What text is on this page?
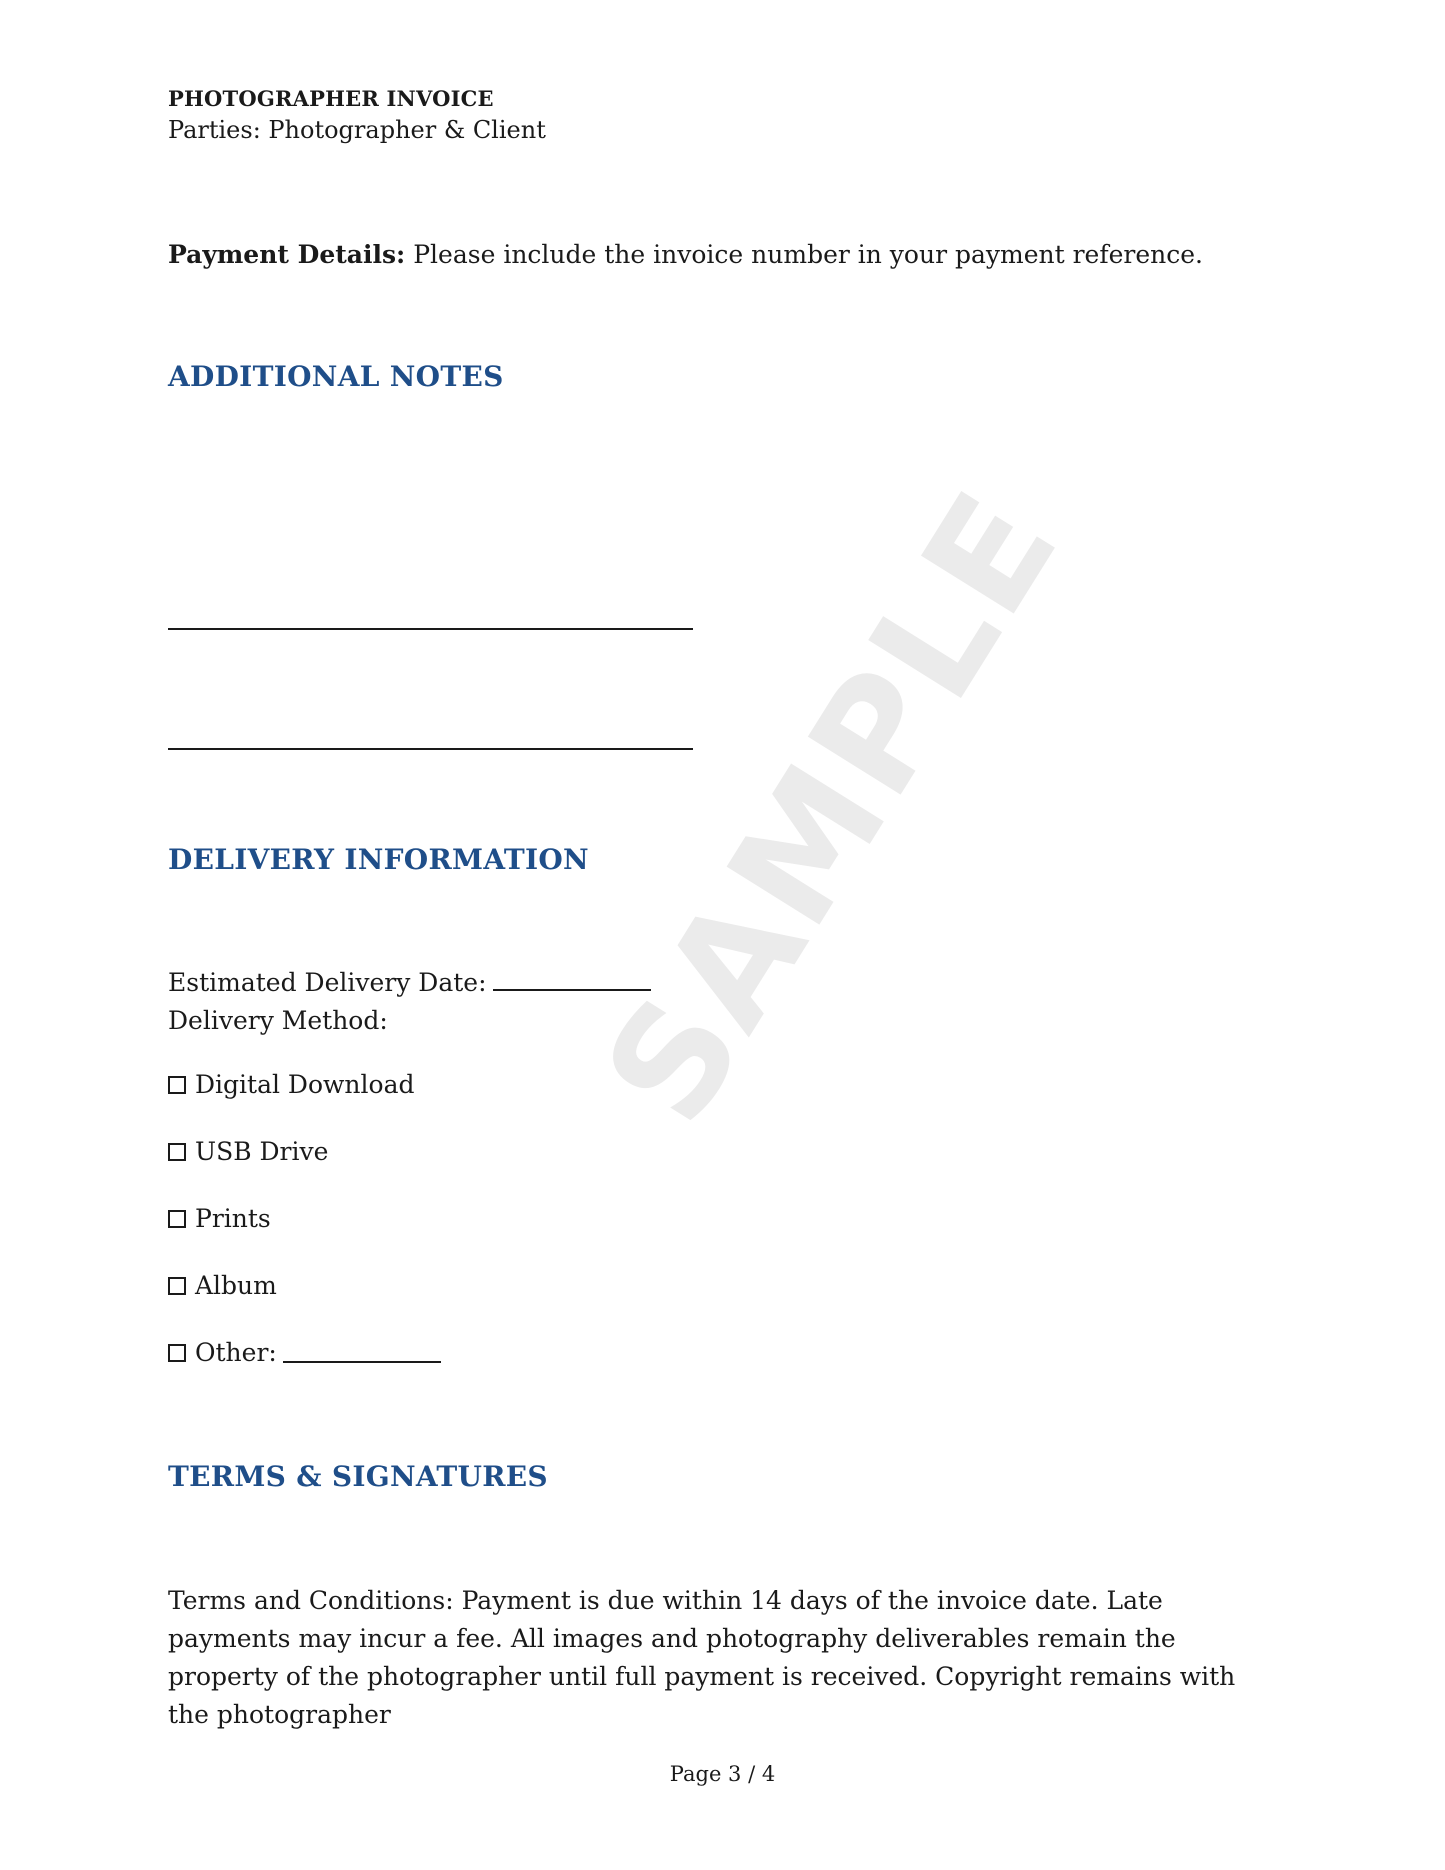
SAMPLE
PHOTOGRAPHER INVOICE
Parties: Photographer & Client
Payment Details: Please include the invoice number in your payment reference.
ADDITIONAL NOTES
DELIVERY INFORMATION
Estimated Delivery Date:
Delivery Method:
Digital Download
USB Drive
Prints
Album
Other:
TERMS & SIGNATURES
Terms and Conditions: Payment is due within 14 days of the invoice date. Late payments may incur a fee. All images and photography deliverables remain the property of the photographer until full payment is received. Copyright remains with the photographer
Page 3 / 4
